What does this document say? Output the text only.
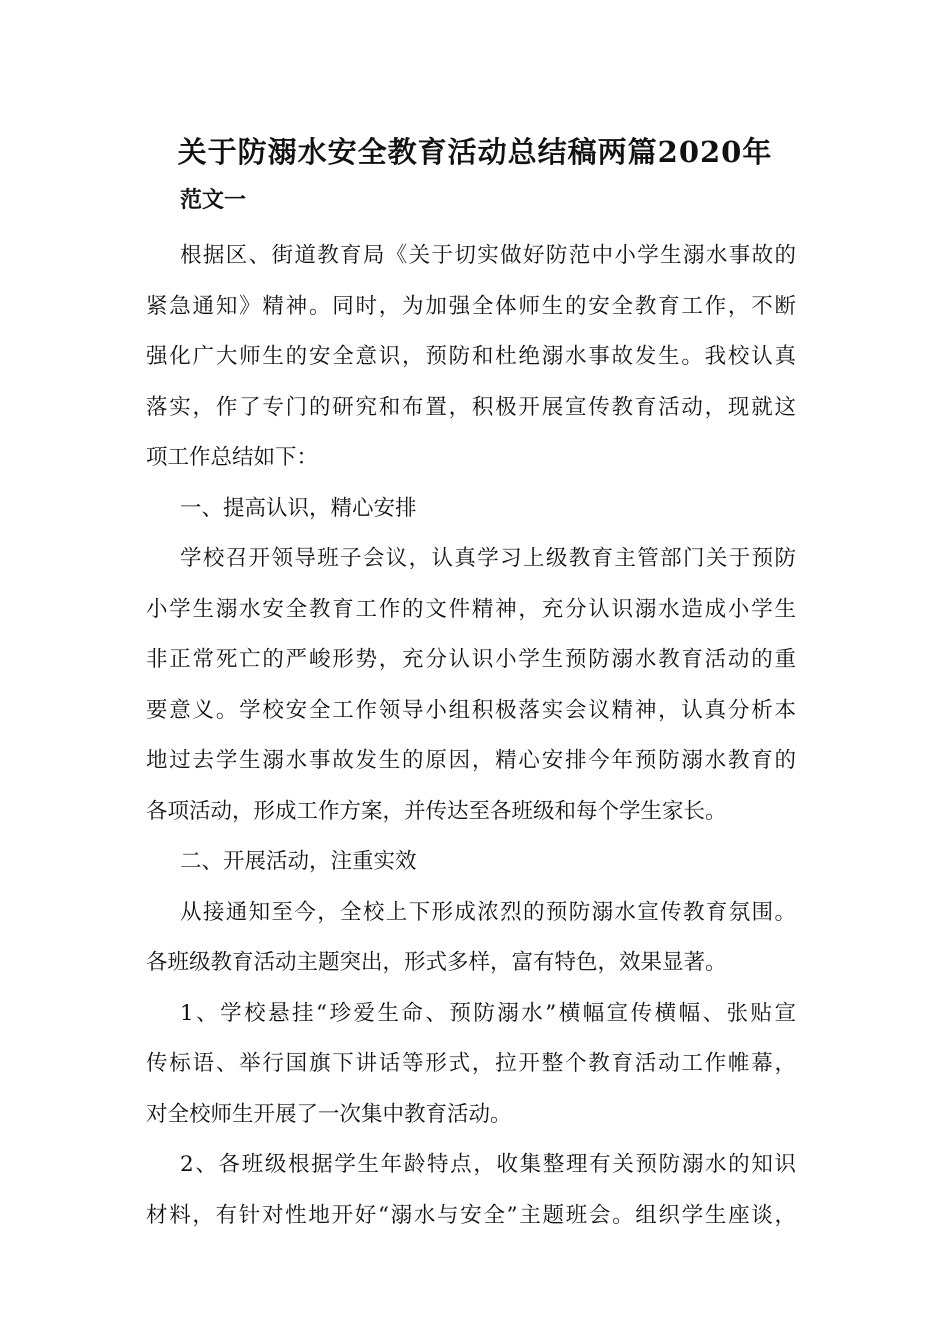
关于防溺水安全教育活动总结稿两篇2020年
范文一
根据区、街道教育局《关于切实做好防范中小学生溺水事故的
紧急通知》精神。同时，为加强全体师生的安全教育工作，不断
强化广大师生的安全意识，预防和杜绝溺水事故发生。我校认真
落实，作了专门的研究和布置，积极开展宣传教育活动，现就这
项工作总结如下：
一、提高认识，精心安排
学校召开领导班子会议，认真学习上级教育主管部门关于预防
小学生溺水安全教育工作的文件精神，充分认识溺水造成小学生
非正常死亡的严峻形势，充分认识小学生预防溺水教育活动的重
要意义。学校安全工作领导小组积极落实会议精神，认真分析本
地过去学生溺水事故发生的原因，精心安排今年预防溺水教育的
各项活动，形成工作方案，并传达至各班级和每个学生家长。
二、开展活动，注重实效
从接通知至今，全校上下形成浓烈的预防溺水宣传教育氛围。
各班级教育活动主题突出，形式多样，富有特色，效果显著。
1、学校悬挂“珍爱生命、预防溺水”横幅宣传横幅、张贴宣
传标语、举行国旗下讲话等形式，拉开整个教育活动工作帷幕，
对全校师生开展了一次集中教育活动。
2、各班级根据学生年龄特点，收集整理有关预防溺水的知识
材料，有针对性地开好“溺水与安全”主题班会。组织学生座谈，
